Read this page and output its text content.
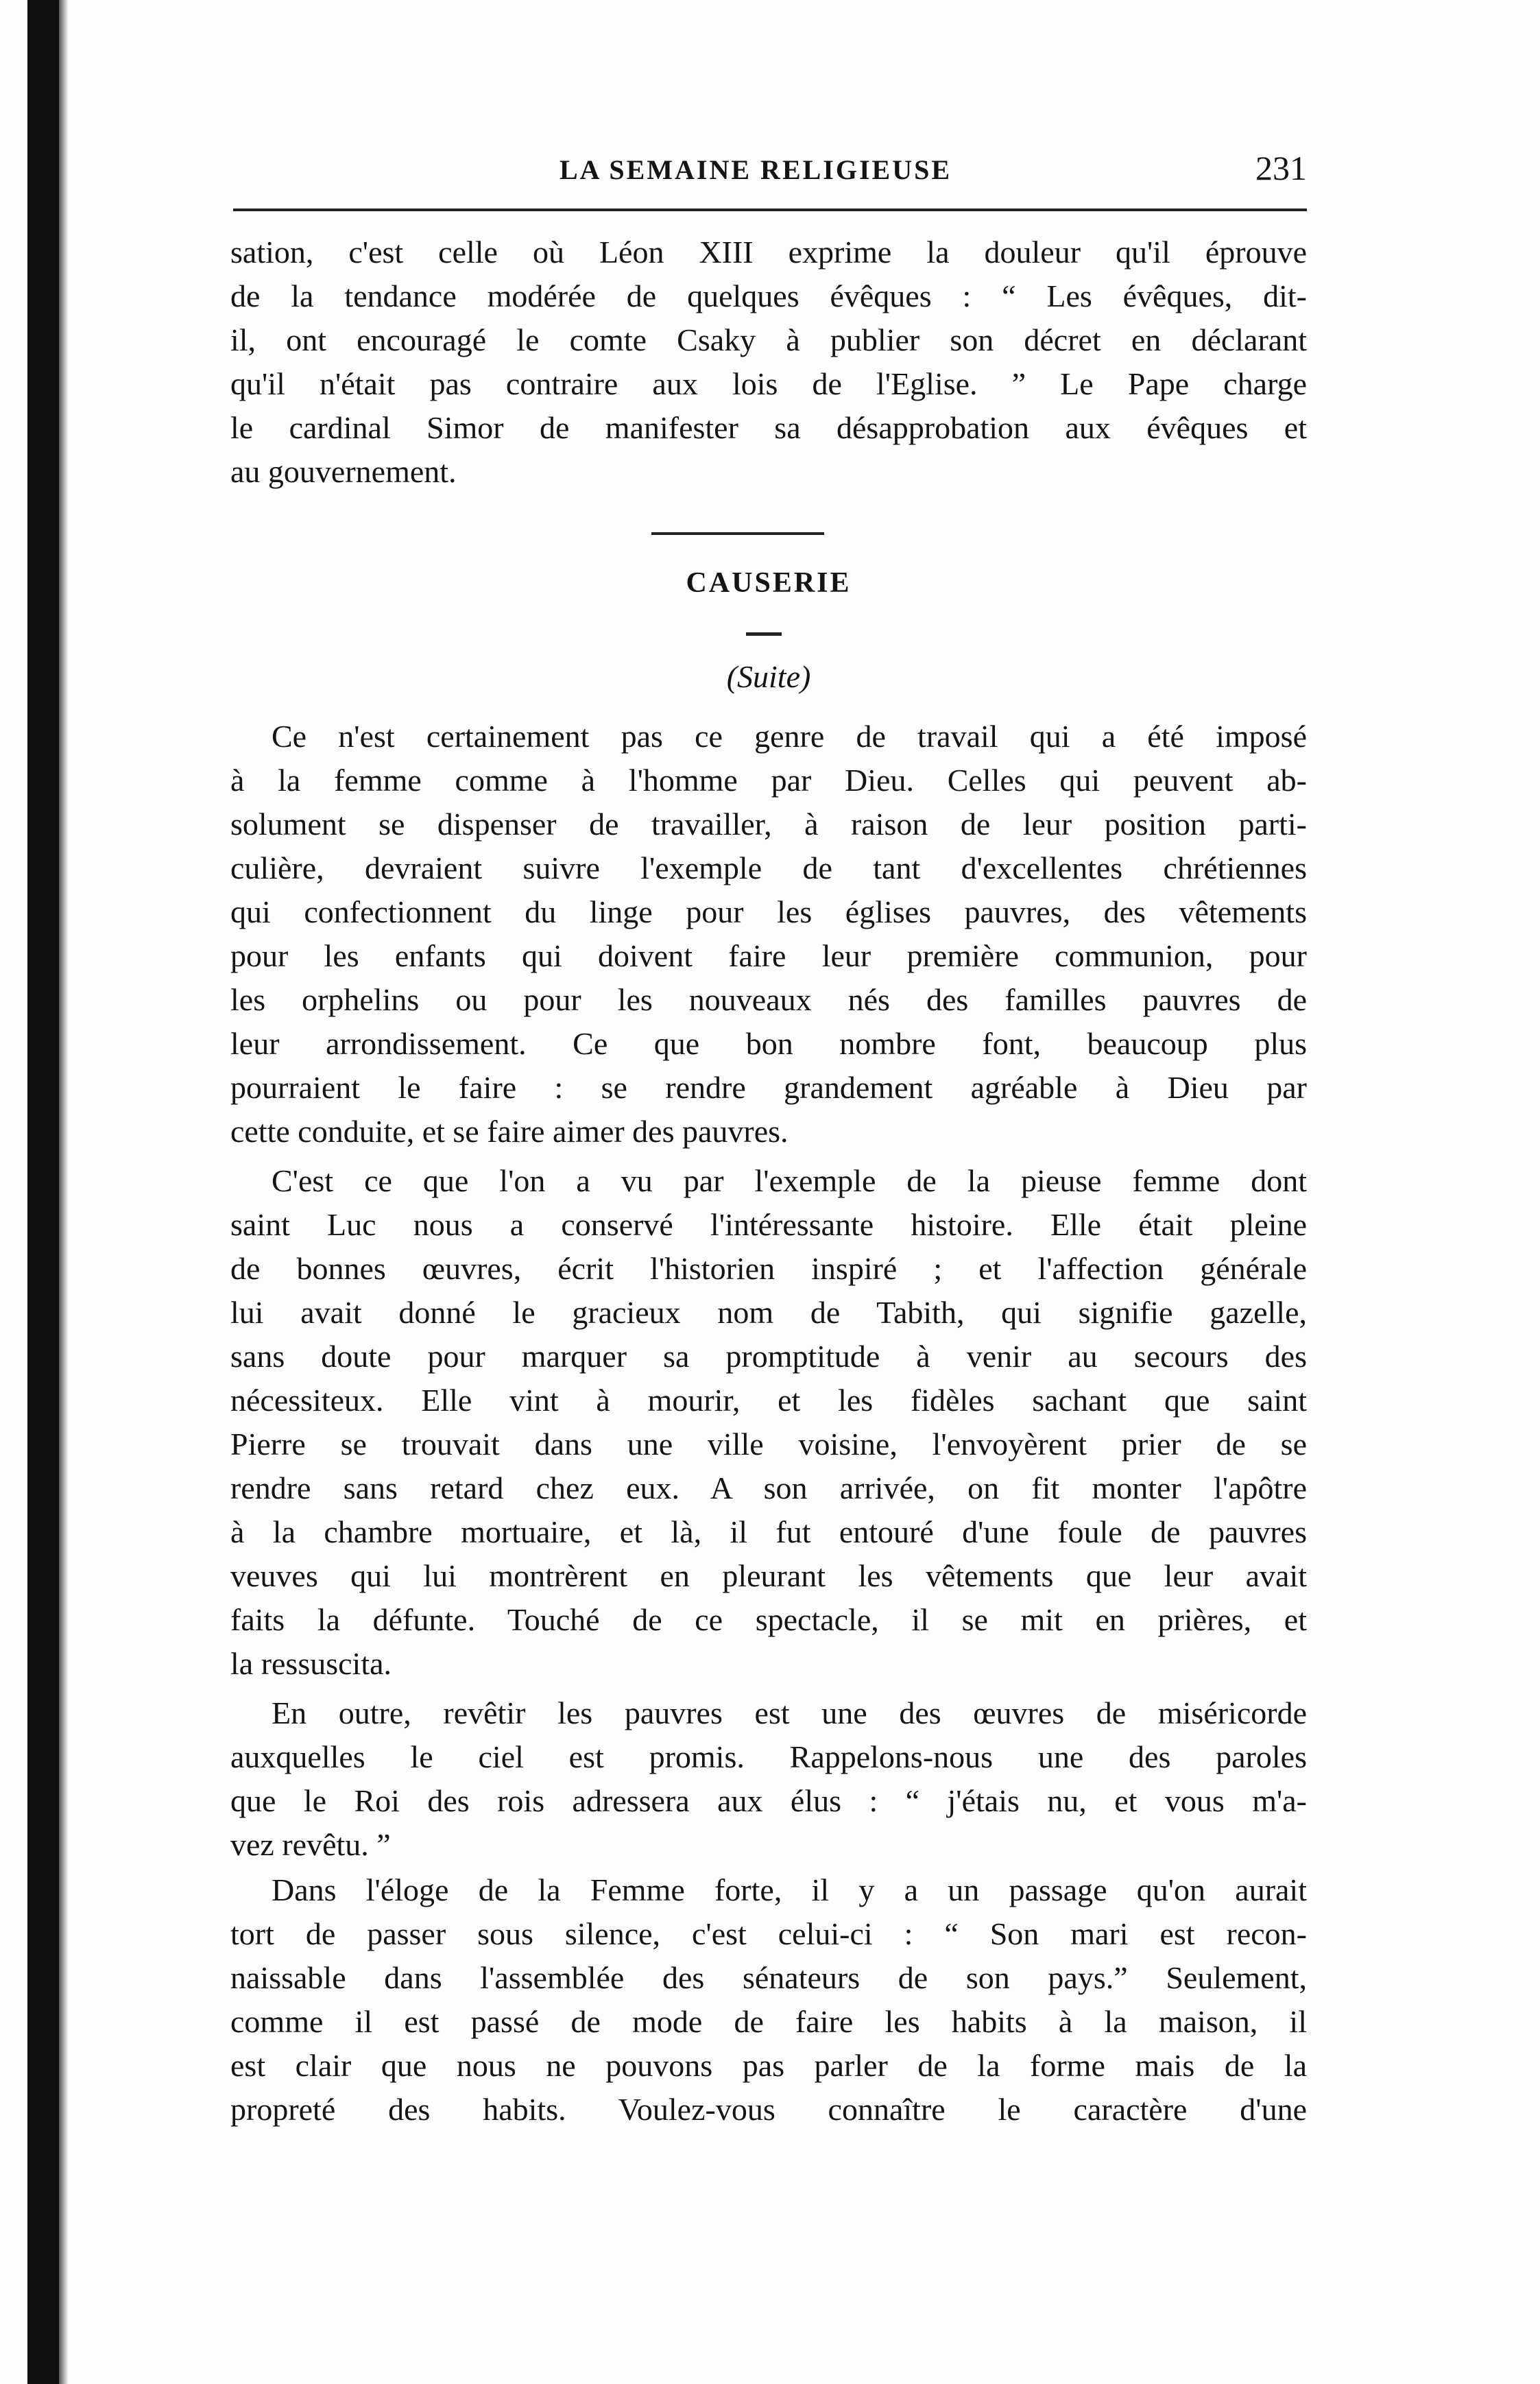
LA SEMAINE RELIGIEUSE	231
sation, c'est celle où Léon XIII exprime la douleur qu'il éprouve
de la tendance modérée de quelques évêques : “ Les évêques, dit-
il, ont encouragé le comte Csaky à publier son décret en déclarant
qu'il n'était pas contraire aux lois de l'Eglise. ” Le Pape charge
le cardinal Simor de manifester sa désapprobation aux évêques et
au gouvernement.
CAUSERIE
(Suite)
Ce n'est certainement pas ce genre de travail qui a été imposé
à la femme comme à l'homme par Dieu. Celles qui peuvent ab-
solument se dispenser de travailler, à raison de leur position parti-
culière, devraient suivre l'exemple de tant d'excellentes chrétiennes
qui confectionnent du linge pour les églises pauvres, des vêtements
pour les enfants qui doivent faire leur première communion, pour
les orphelins ou pour les nouveaux nés des familles pauvres de
leur arrondissement. Ce que bon nombre font, beaucoup plus
pourraient le faire : se rendre grandement agréable à Dieu par
cette conduite, et se faire aimer des pauvres.
C'est ce que l'on a vu par l'exemple de la pieuse femme dont
saint Luc nous a conservé l'intéressante histoire. Elle était pleine
de bonnes œuvres, écrit l'historien inspiré ; et l'affection générale
lui avait donné le gracieux nom de Tabith, qui signifie gazelle,
sans doute pour marquer sa promptitude à venir au secours des
nécessiteux. Elle vint à mourir, et les fidèles sachant que saint
Pierre se trouvait dans une ville voisine, l'envoyèrent prier de se
rendre sans retard chez eux. A son arrivée, on fit monter l'apôtre
à la chambre mortuaire, et là, il fut entouré d'une foule de pauvres
veuves qui lui montrèrent en pleurant les vêtements que leur avait
faits la défunte. Touché de ce spectacle, il se mit en prières, et
la ressuscita.
En outre, revêtir les pauvres est une des œuvres de miséricorde
auxquelles le ciel est promis. Rappelons-nous une des paroles
que le Roi des rois adressera aux élus : “ j'étais nu, et vous m'a-
vez revêtu. ”
Dans l'éloge de la Femme forte, il y a un passage qu'on aurait
tort de passer sous silence, c'est celui-ci : “ Son mari est recon-
naissable dans l'assemblée des sénateurs de son pays.” Seulement,
comme il est passé de mode de faire les habits à la maison, il
est clair que nous ne pouvons pas parler de la forme mais de la
propreté des habits. Voulez-vous connaître le caractère d'une
